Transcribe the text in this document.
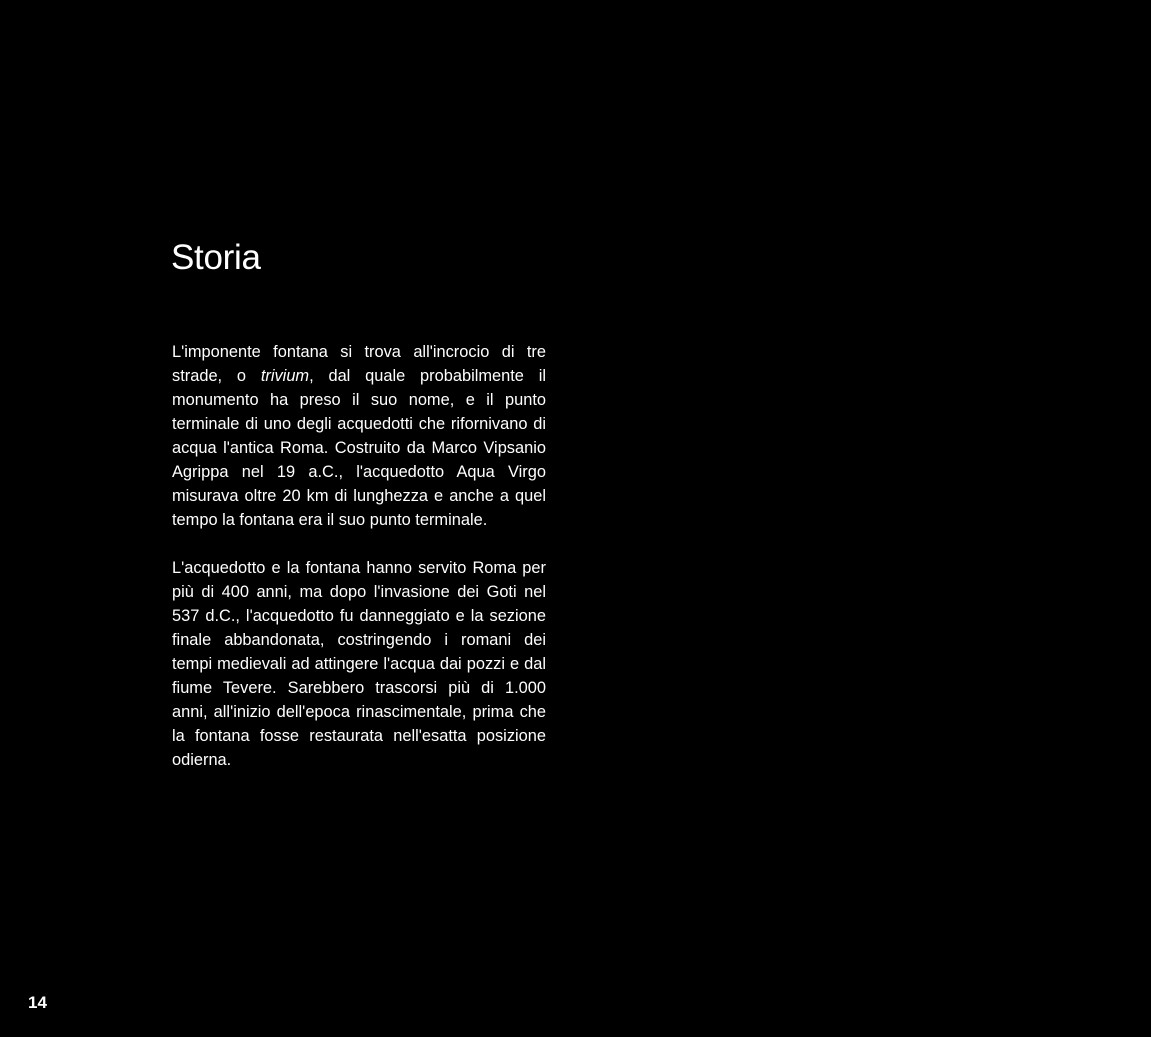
Storia

L'imponente fontana si trova all'incrocio di tre strade, o trivium, dal quale probabilmente il monumento ha preso il suo nome, e il punto terminale di uno degli acquedotti che rifornivano di acqua l'antica Roma. Costruito da Marco Vipsanio Agrippa nel 19 a.C., l'acquedotto Aqua Virgo misurava oltre 20 km di lunghezza e anche a quel tempo la fontana era il suo punto terminale.

L'acquedotto e la fontana hanno servito Roma per più di 400 anni, ma dopo l'invasione dei Goti nel 537 d.C., l'acquedotto fu danneggiato e la sezione finale abbandonata, costringendo i romani dei tempi medievali ad attingere l'acqua dai pozzi e dal fiume Tevere. Sarebbero trascorsi più di 1.000 anni, all'inizio dell'epoca rinascimentale, prima che la fontana fosse restaurata nell'esatta posizione odierna.

14
